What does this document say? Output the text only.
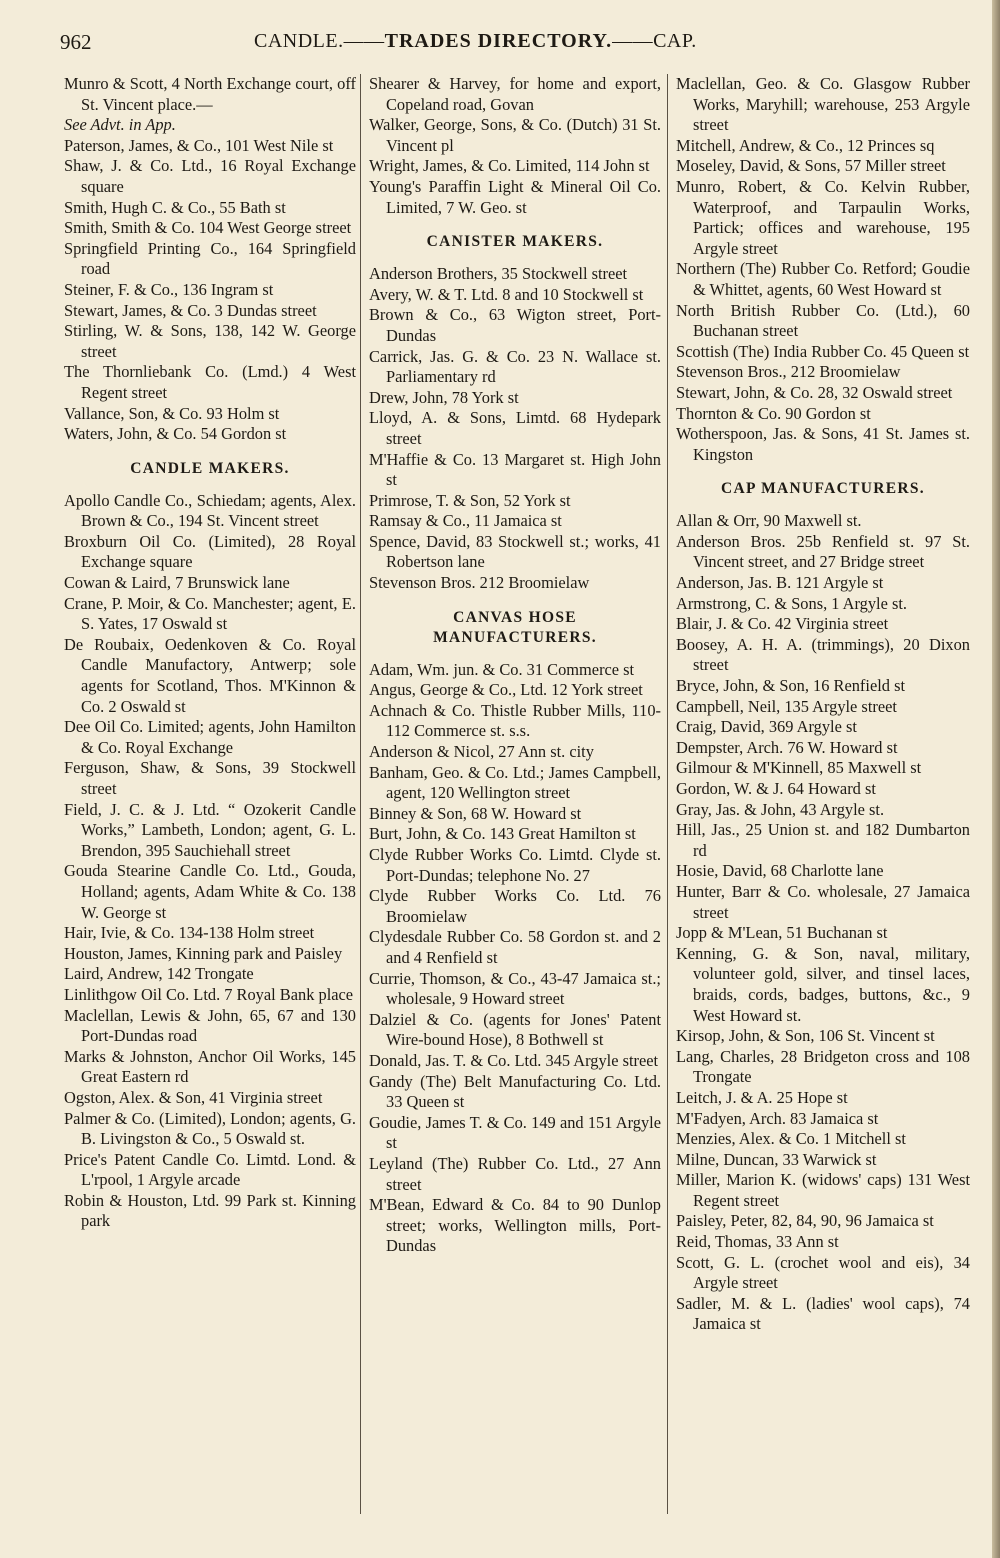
962	CANDLE.——TRADES DIRECTORY.——CAP.
Munro & Scott, 4 North Exchange court, off St. Vincent place.—
See Advt. in App.
Paterson, James, & Co., 101 West Nile st
Shaw, J. & Co. Ltd., 16 Royal Exchange square
Smith, Hugh C. & Co., 55 Bath st
Smith, Smith & Co. 104 West George street
Springfield Printing Co., 164 Springfield road
Steiner, F. & Co., 136 Ingram st
Stewart, James, & Co. 3 Dundas street
Stirling, W. & Sons, 138, 142 W. George street
The Thornliebank Co. (Lmd.) 4 West Regent street
Vallance, Son, & Co. 93 Holm st
Waters, John, & Co. 54 Gordon st
CANDLE MAKERS.
Apollo Candle Co., Schiedam; agents, Alex. Brown & Co., 194 St. Vincent street
Broxburn Oil Co. (Limited), 28 Royal Exchange square
Cowan & Laird, 7 Brunswick lane
Crane, P. Moir, & Co. Manchester; agent, E. S. Yates, 17 Oswald st
De Roubaix, Oedenkoven & Co. Royal Candle Manufactory, Antwerp; sole agents for Scotland, Thos. M'Kinnon & Co. 2 Oswald st
Dee Oil Co. Limited; agents, John Hamilton & Co. Royal Exchange
Ferguson, Shaw, & Sons, 39 Stockwell street
Field, J. C. & J. Ltd. “ Ozokerit Candle Works,” Lambeth, London; agent, G. L. Brendon, 395 Sauchiehall street
Gouda Stearine Candle Co. Ltd., Gouda, Holland; agents, Adam White & Co. 138 W. George st
Hair, Ivie, & Co. 134-138 Holm street
Houston, James, Kinning park and Paisley
Laird, Andrew, 142 Trongate
Linlithgow Oil Co. Ltd. 7 Royal Bank place
Maclellan, Lewis & John, 65, 67 and 130 Port-Dundas road
Marks & Johnston, Anchor Oil Works, 145 Great Eastern rd
Ogston, Alex. & Son, 41 Virginia street
Palmer & Co. (Limited), London; agents, G. B. Livingston & Co., 5 Oswald st.
Price's Patent Candle Co. Limtd. Lond. & L'rpool, 1 Argyle arcade
Robin & Houston, Ltd. 99 Park st. Kinning park
Shearer & Harvey, for home and export, Copeland road, Govan
Walker, George, Sons, & Co. (Dutch) 31 St. Vincent pl
Wright, James, & Co. Limited, 114 John st
Young's Paraffin Light & Mineral Oil Co. Limited, 7 W. Geo. st
CANISTER MAKERS.
Anderson Brothers, 35 Stockwell street
Avery, W. & T. Ltd. 8 and 10 Stockwell st
Brown & Co., 63 Wigton street, Port-Dundas
Carrick, Jas. G. & Co. 23 N. Wallace st. Parliamentary rd
Drew, John, 78 York st
Lloyd, A. & Sons, Limtd. 68 Hydepark street
M'Haffie & Co. 13 Margaret st. High John st
Primrose, T. & Son, 52 York st
Ramsay & Co., 11 Jamaica st
Spence, David, 83 Stockwell st.; works, 41 Robertson lane
Stevenson Bros. 212 Broomielaw
CANVAS HOSE MANUFACTURERS.
Adam, Wm. jun. & Co. 31 Commerce st
Angus, George & Co., Ltd. 12 York street
Achnach & Co. Thistle Rubber Mills, 110-112 Commerce st. s.s.
Anderson & Nicol, 27 Ann st. city
Banham, Geo. & Co. Ltd.; James Campbell, agent, 120 Wellington street
Binney & Son, 68 W. Howard st
Burt, John, & Co. 143 Great Hamilton st
Clyde Rubber Works Co. Limtd. Clyde st. Port-Dundas; telephone No. 27
Clyde Rubber Works Co. Ltd. 76 Broomielaw
Clydesdale Rubber Co. 58 Gordon st. and 2 and 4 Renfield st
Currie, Thomson, & Co., 43-47 Jamaica st.; wholesale, 9 Howard street
Dalziel & Co. (agents for Jones' Patent Wire-bound Hose), 8 Bothwell st
Donald, Jas. T. & Co. Ltd. 345 Argyle street
Gandy (The) Belt Manufacturing Co. Ltd. 33 Queen st
Goudie, James T. & Co. 149 and 151 Argyle st
Leyland (The) Rubber Co. Ltd., 27 Ann street
M'Bean, Edward & Co. 84 to 90 Dunlop street; works, Wellington mills, Port-Dundas
Maclellan, Geo. & Co. Glasgow Rubber Works, Maryhill; warehouse, 253 Argyle street
Mitchell, Andrew, & Co., 12 Princes sq
Moseley, David, & Sons, 57 Miller street
Munro, Robert, & Co. Kelvin Rubber, Waterproof, and Tarpaulin Works, Partick; offices and warehouse, 195 Argyle street
Northern (The) Rubber Co. Retford; Goudie & Whittet, agents, 60 West Howard st
North British Rubber Co. (Ltd.), 60 Buchanan street
Scottish (The) India Rubber Co. 45 Queen st
Stevenson Bros., 212 Broomielaw
Stewart, John, & Co. 28, 32 Oswald street
Thornton & Co. 90 Gordon st
Wotherspoon, Jas. & Sons, 41 St. James st. Kingston
CAP MANUFACTURERS.
Allan & Orr, 90 Maxwell st.
Anderson Bros. 25b Renfield st. 97 St. Vincent street, and 27 Bridge street
Anderson, Jas. B. 121 Argyle st
Armstrong, C. & Sons, 1 Argyle st.
Blair, J. & Co. 42 Virginia street
Boosey, A. H. A. (trimmings), 20 Dixon street
Bryce, John, & Son, 16 Renfield st
Campbell, Neil, 135 Argyle street
Craig, David, 369 Argyle st
Dempster, Arch. 76 W. Howard st
Gilmour & M'Kinnell, 85 Maxwell st
Gordon, W. & J. 64 Howard st
Gray, Jas. & John, 43 Argyle st.
Hill, Jas., 25 Union st. and 182 Dumbarton rd
Hosie, David, 68 Charlotte lane
Hunter, Barr & Co. wholesale, 27 Jamaica street
Jopp & M'Lean, 51 Buchanan st
Kenning, G. & Son, naval, military, volunteer gold, silver, and tinsel laces, braids, cords, badges, buttons, &c., 9 West Howard st.
Kirsop, John, & Son, 106 St. Vincent st
Lang, Charles, 28 Bridgeton cross and 108 Trongate
Leitch, J. & A. 25 Hope st
M'Fadyen, Arch. 83 Jamaica st
Menzies, Alex. & Co. 1 Mitchell st
Milne, Duncan, 33 Warwick st
Miller, Marion K. (widows' caps) 131 West Regent street
Paisley, Peter, 82, 84, 90, 96 Jamaica st
Reid, Thomas, 33 Ann st
Scott, G. L. (crochet wool and eis), 34 Argyle street
Sadler, M. & L. (ladies' wool caps), 74 Jamaica st
